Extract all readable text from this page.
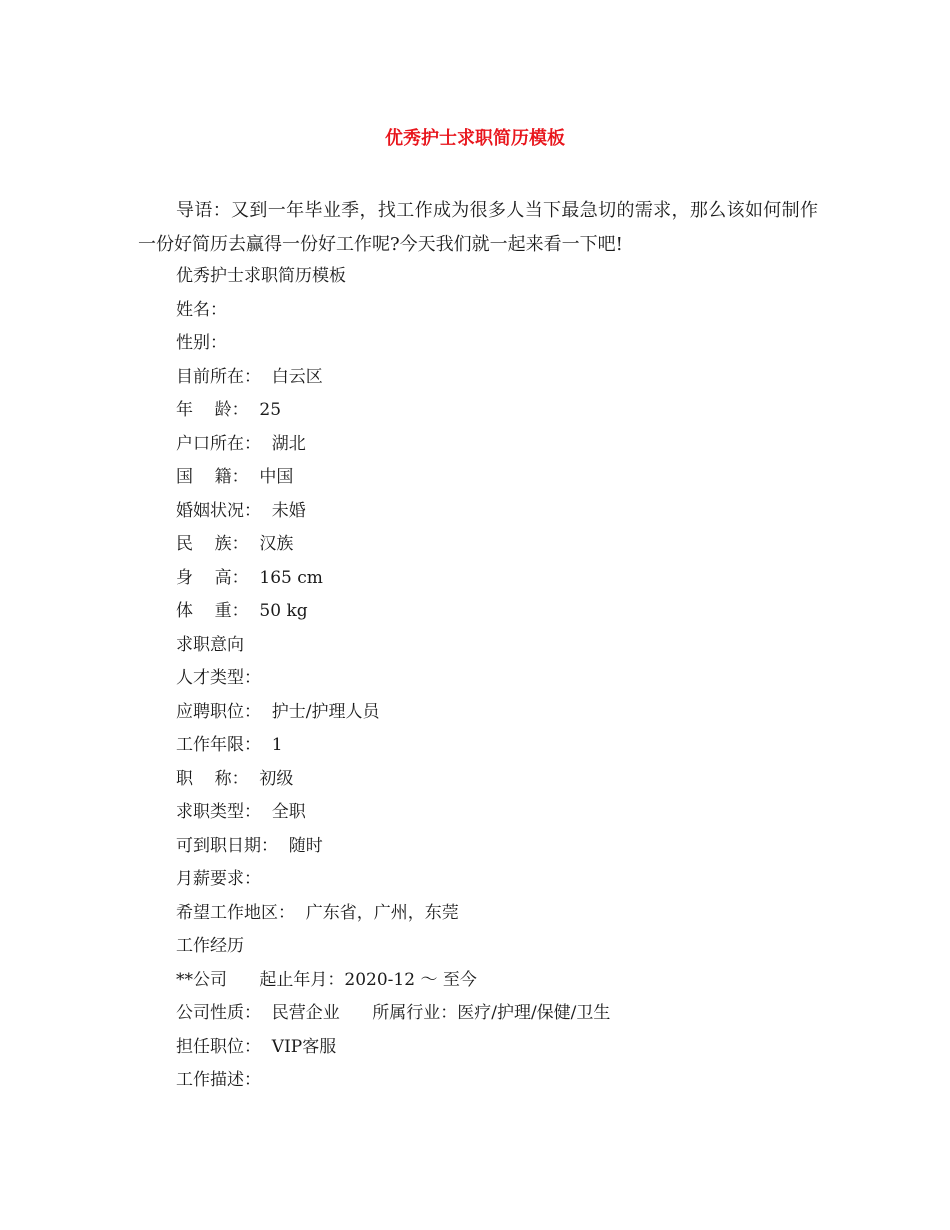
优秀护士求职简历模板
导语：又到一年毕业季，找工作成为很多人当下最急切的需求，那么该如何制作一份好简历去赢得一份好工作呢?今天我们就一起来看一下吧!
优秀护士求职简历模板
姓名：
性别：
目前所在：  白云区
年    龄：  25
户口所在：  湖北
国    籍：  中国
婚姻状况：  未婚
民    族：  汉族
身    高：  165 cm
体    重：  50 kg
求职意向
人才类型：
应聘职位：  护士/护理人员
工作年限：  1
职    称：  初级
求职类型：  全职
可到职日期：  随时
月薪要求：
希望工作地区：  广东省，广州，东莞
工作经历
**公司      起止年月：2020-12 ～ 至今
公司性质：  民营企业      所属行业：医疗/护理/保健/卫生
担任职位：  VIP客服
工作描述：
